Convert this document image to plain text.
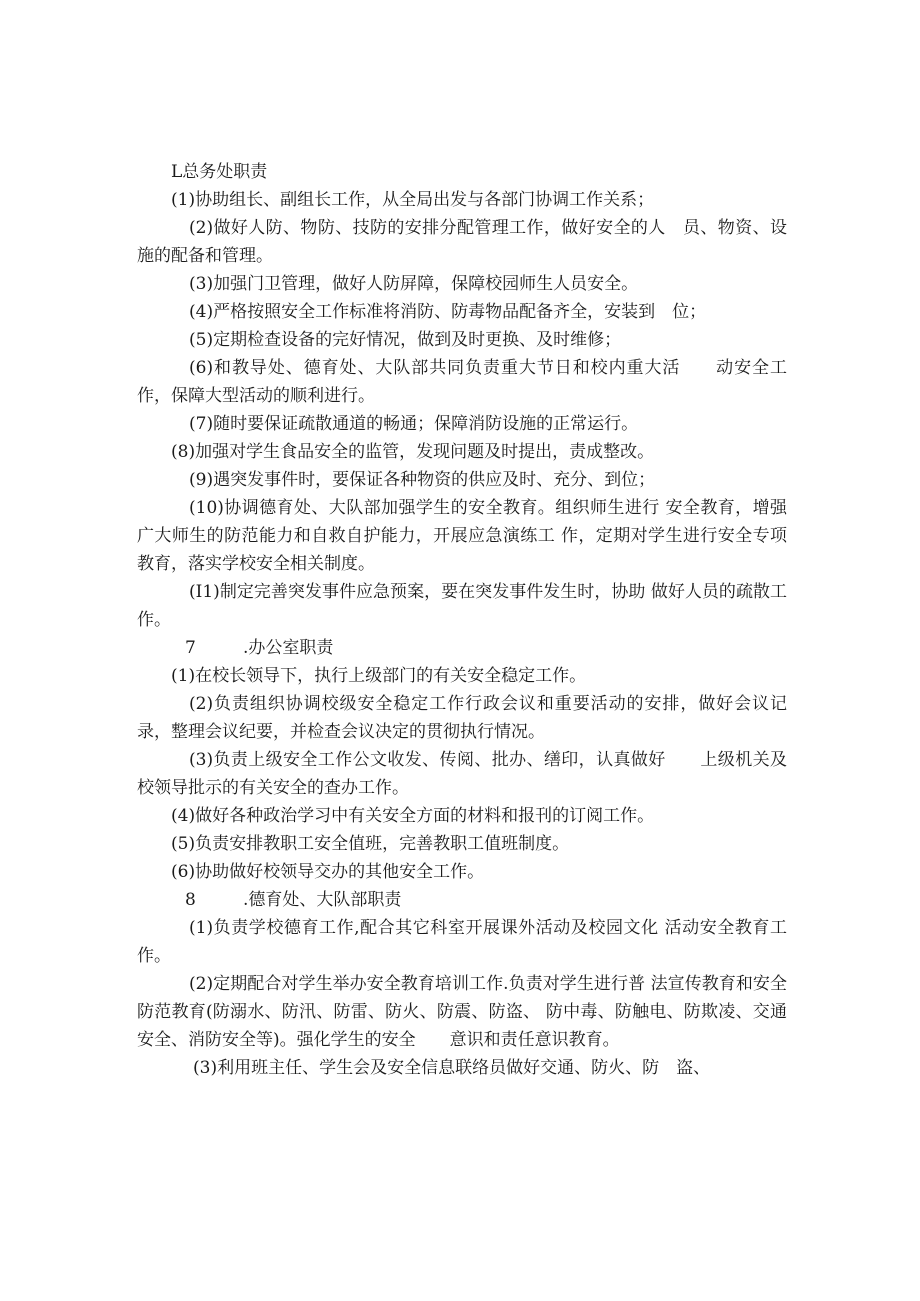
L总务处职责

(1)协助组长、副组长工作，从全局出发与各部门协调工作关系；

(2)做好人防、物防、技防的安排分配管理工作，做好安全的人　员、物资、设施的配备和管理。

(3)加强门卫管理，做好人防屏障，保障校园师生人员安全。

(4)严格按照安全工作标准将消防、防毒物品配备齐全，安装到　位；

(5)定期检查设备的完好情况，做到及时更换、及时维修；

(6)和教导处、德育处、大队部共同负责重大节日和校内重大活　　动安全工作，保障大型活动的顺利进行。

(7)随时要保证疏散通道的畅通；保障消防设施的正常运行。

(8)加强对学生食品安全的监管，发现问题及时提出，责成整改。

(9)遇突发事件时，要保证各种物资的供应及时、充分、到位；

(10)协调德育处、大队部加强学生的安全教育。组织师生进行 安全教育，增强广大师生的防范能力和自救自护能力，开展应急演练工 作，定期对学生进行安全专项教育，落实学校安全相关制度。

(I1)制定完善突发事件应急预案，要在突发事件发生时，协助 做好人员的疏散工作。

7	.办公室职责

(1)在校长领导下，执行上级部门的有关安全稳定工作。

(2)负责组织协调校级安全稳定工作行政会议和重要活动的安排，做好会议记录，整理会议纪要，并检查会议决定的贯彻执行情况。

(3)负责上级安全工作公文收发、传阅、批办、缮印，认真做好　　上级机关及校领导批示的有关安全的查办工作。

(4)做好各种政治学习中有关安全方面的材料和报刊的订阅工作。

(5)负责安排教职工安全值班，完善教职工值班制度。

(6)协助做好校领导交办的其他安全工作。

8	.德育处、大队部职责

(1)负责学校德育工作,配合其它科室开展课外活动及校园文化 活动安全教育工作。

(2)定期配合对学生举办安全教育培训工作.负责对学生进行普 法宣传教育和安全防范教育(防溺水、防汛、防雷、防火、防震、防盗、 防中毒、防触电、防欺凌、交通安全、消防安全等)。强化学生的安全　　意识和责任意识教育。

(3)利用班主任、学生会及安全信息联络员做好交通、防火、防　盗、
